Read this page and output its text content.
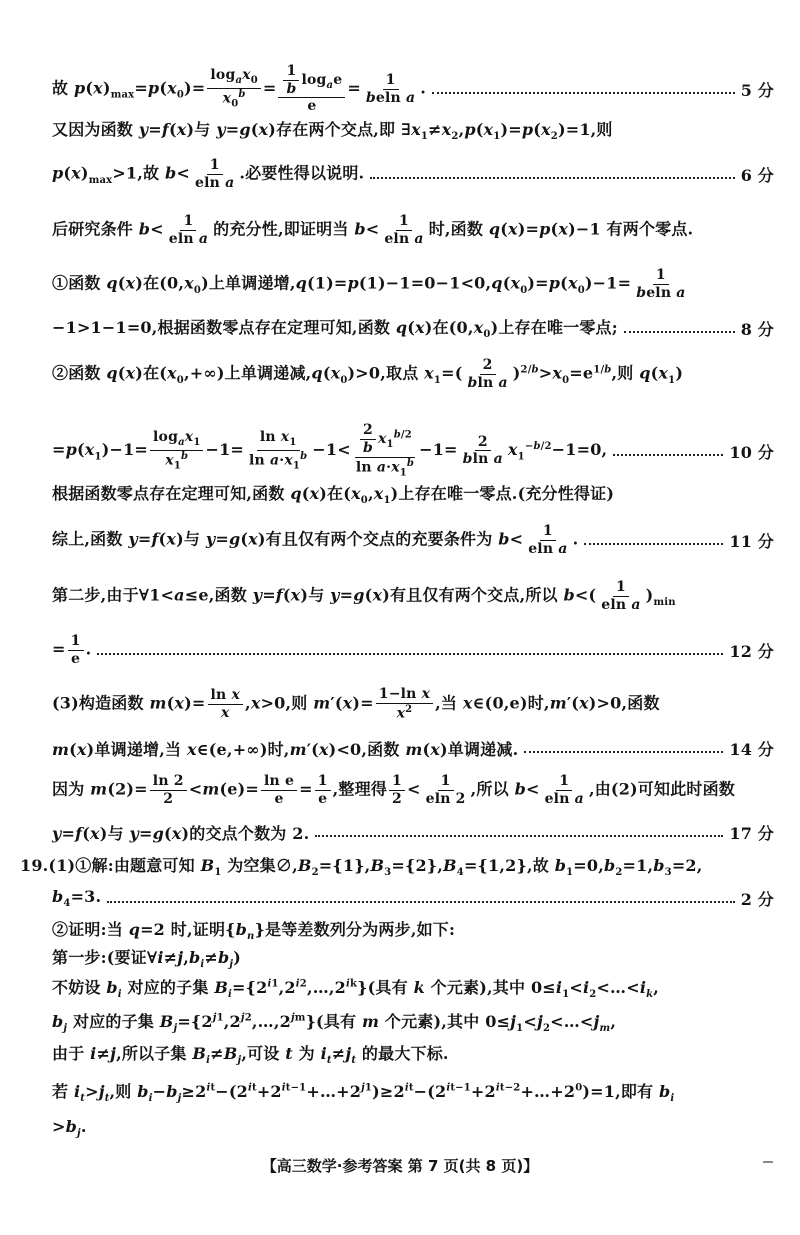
故 $p(x)_{max}=p(x_0)= \frac{\log_ax_0}{x_0^b} = \frac{\frac{1}{b} \log_ae}{e} = \frac{1}{\text{beln a}}$ .	5 分
又因为函数 y=f(x)与 y=g(x)存在两个交点,即 $\exists x_1\ne x_2,p(x_1)=p(x_2)=1$,则
$p(x)_{max}>1$,故 $b< \frac{1}{\text{eln a}}$ .必要性得以说明.	6 分
后研究条件 $b< \frac{1}{\text{eln a}}$ 的充分性,即证明当 $b< \frac{1}{\text{eln a}}$ 时,函数 q(x)=p(x)−1 有两个零点.
①函数 q(x)在$(0,x_0)$上单调递增$,q(1)=p(1)-1=0-1<0,q(x_0)=p(x_0)-1= \frac{1}{\text{beln a}}$
−1>1−1=0,根据函数零点存在定理可知,函数 q(x)在$(0,x_0)$上存在唯一零点;	8 分
②函数 q(x)在$(x_0,+\infty)$上单调递减$,q(x_0)>0$,取点 $x_1=( \frac{2}{\text{bln a}} )^{2/b}>x_0=e^{1/b}$,则 $q(x_1)$
$=p(x_1)-1= \frac{\log_ax_1}{x_1^b} -1= \frac{\ln x_1}{\ln a\cdot x_1^b} -1< \frac{\frac{2}{b} x_1^{b/2}}{\ln a\cdot x_1^b} -1= \frac{2}{\text{bln a}} x_1^{-b/2}-1=0$,	10 分
根据函数零点存在定理可知,函数 q(x)在$(x_0,x_1)$上存在唯一零点.(充分性得证)
综上,函数 y=f(x)与 y=g(x)有且仅有两个交点的充要条件为 $b< \frac{1}{\text{eln a}}$ .	11 分
第二步,由于∀1<a≤e,函数 y=f(x)与 y=g(x)有且仅有两个交点,所以 $b<( \frac{1}{\text{eln a}} )_{min}$
= $\frac{1}{e}$ .	12 分
(3)构造函数 $m(x)= \frac{\text{ln x}}{x} ,x>0$,则 $m'(x)= \frac{\text{1−ln x}}{x^2}$ ,当 x∈(0,e)时,m′(x)>0,函数
m(x)单调递增,当 x∈(e,+∞)时,m′(x)<0,函数 m(x)单调递减.	14 分
因为 $m(2)= \frac{\ln 2}{2} <m(e)= \frac{\text{ln e}}{e} = \frac{1}{e}$ ,整理得 $\frac{1}{2} < \frac{1}{eln 2}$ ,所以 $b< \frac{1}{\text{eln a}}$ ,由(2)可知此时函数
y=f(x)与 y=g(x)的交点个数为 2.	17 分
19.(1)①解:由题意可知 $B_1$ 为空集$\emptyset,B_2=\{1\},B_3=\{2\},B_4=\{1,2\}$,故 $b_1=0,b_2=1,b_3=2$,
$b_4=3$.	2 分
②证明:当 q=2 时,证明$\{b_n\}$是等差数列分为两步,如下:
第一步:(要证$\forall i\ne j,b_i\ne b_j$)
不妨设 $b_i$ 对应的子集 $B_i=\{2^{i1},2^{i2},\dots,2^{ik}\}$(具有 k 个元素),其中 $0\le i_1<i_2<\dots<i_k$,
$b_j$ 对应的子集 $B_j=\{2^{j1},2^{j2},\dots,2^{jm}\}$(具有 m 个元素),其中 $0\le j_1<j_2<\dots<j_m$,
由于 i≠j,所以子集 $B_i\ne B_j$,可设 t 为 $i_t\ne j_t$ 的最大下标.
若 $i_t>j_t$,则 $b_i-b_j\ge 2^{it}-(2^{it}+2^{it-1}+\dots+2^{j1})\ge 2^{it}-(2^{it-1}+2^{it-2}+\dots+2^0)=1$,即有 $b_i$
$>b_j$.
【高三数学·参考答案 第 7 页(共 8 页)】
